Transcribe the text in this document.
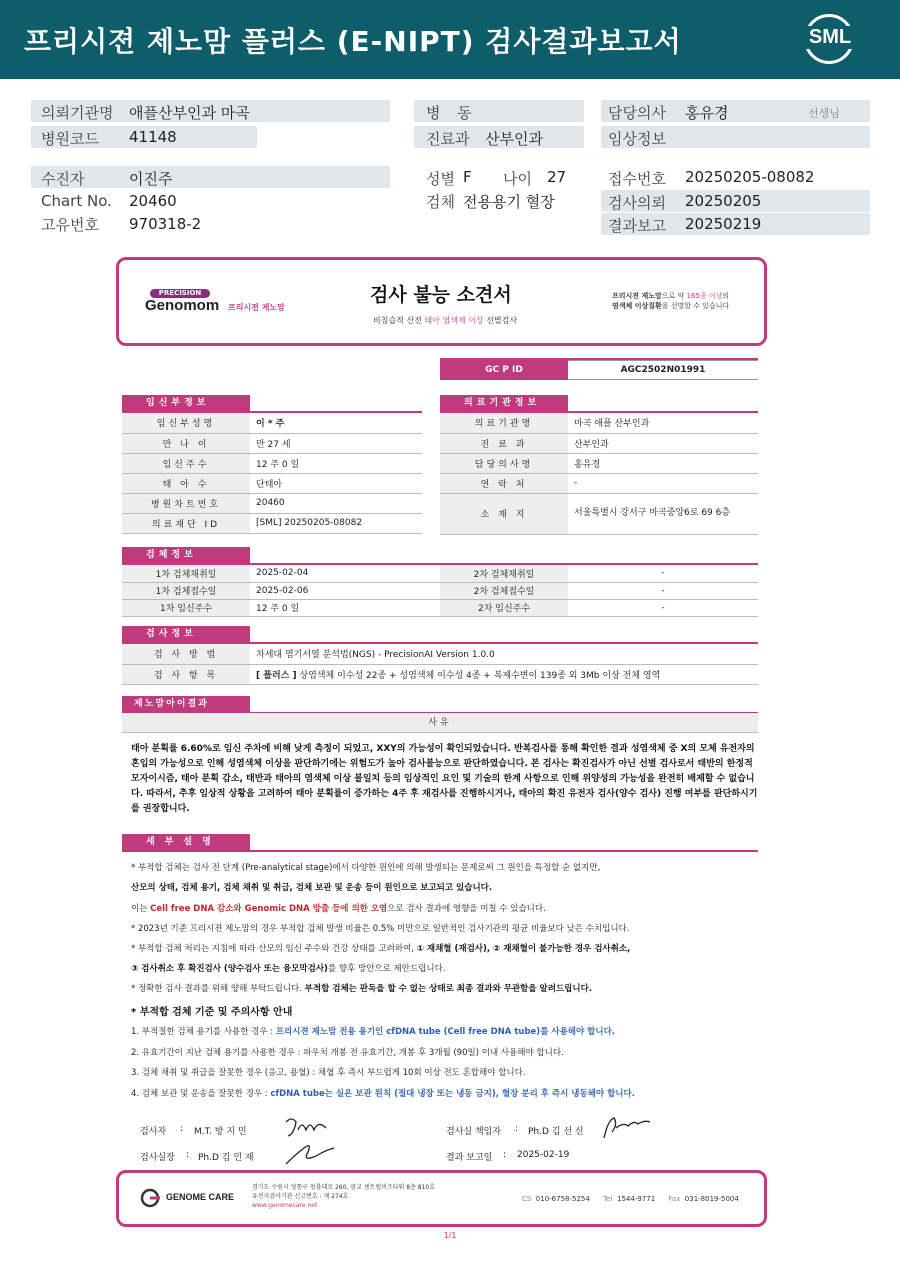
프리시젼 제노맘 플러스 (E-NIPT) 검사결과보고서	SML
의뢰기관명 애플산부인과 마곡
병원코드 41148
병 동
진료과 산부인과
담당의사 홍유경	선생님
임상정보
수진자	이진주
Chart No. 20460
고유번호 970318-2
성별 F 나이 27
검체 전용용기 혈장
접수번호 20250205-08082
검사의뢰 20250205
결과보고 20250219
PRECISION
Genomom 프리시젼 제노맘
검사 불능 소견서
비침습적 산전 태아 염색체 이상 선별검사
프리시젼 제노맘으로 약 165종 이상의
염색체 이상질환을 선별할 수 있습니다
GC P ID	AGC2502N01991
임신부정보
임신부성명	이 * 주
만 나 이	만 27 세
임신주수	12 주 0 일
태 아 수	단태아
병원차트번호	20460
의료재단 ID	[SML] 20250205-08082
의료기관정보
의료기관명	마곡 애플 산부인과
진 료 과	산부인과
담당의사명	홍유경
연 락 처	-
소 재 지	서울특별시 강서구 마곡중앙6로 69 6층
검체정보
1차 검체채취일	2025-02-04	2차 검체채취일	-
1차 검체접수일	2025-02-06	2차 검체접수일	-
1차 임신주수	12 주 0 일	2차 임신주수	-
검사정보
검 사 방 법	차세대 염기서열 분석법(NGS) - PrecisionAI Version 1.0.0
검 사 항 목	[ 플러스 ] 상염색체 이수성 22종 + 성염색체 이수성 4종 + 복제수변이 139종 외 3Mb 이상 전체 영역
제노맘아이결과
사유
태아 분획률 6.60%로 임신 주차에 비해 낮게 측정이 되었고, XXY의 가능성이 확인되었습니다. 반복검사를 통해 확인한 결과 성염색체 중 X의 모체 유전자의 혼입의 가능성으로 인해 성염색체 이상을 판단하기에는 위험도가 높아 검사불능으로 판단하였습니다. 본 검사는 확진검사가 아닌 선별 검사로서 태반의 한정적 모자이시즘, 태아 분획 감소, 태반과 태아의 염색체 이상 불일치 등의 임상적인 요인 및 기술의 한계 사항으로 인해 위양성의 가능성을 완전히 배제할 수 없습니다. 따라서, 추후 임상적 상황을 고려하여 태아 분획률이 증가하는 4주 후 재검사를 진행하시거나, 태아의 확진 유전자 검사(양수 검사) 진행 여부를 판단하시기를 권장합니다.
세부설명
* 부적합 검체는 검사 전 단계 (Pre-analytical stage)에서 다양한 원인에 의해 발생되는 문제로써 그 원인을 특정할 순 없지만,
산모의 상태, 검체 용기, 검체 채취 및 취급, 검체 보관 및 운송 등이 원인으로 보고되고 있습니다.
이는 Cell free DNA 감소와 Genomic DNA 방출 등에 의한 오염으로 검사 결과에 영향을 미칠 수 있습니다.
* 2023년 기준 프리시젼 제노맘의 경우 부적합 검체 발생 비율은 0.5% 미만으로 일반적인 검사기관의 평균 비율보다 낮은 수치입니다.
* 부적합 검체 처리는 지침에 따라 산모의 임신 주수와 건강 상태를 고려하여, ① 재채혈 (재검사), ② 재채혈이 불가능한 경우 검사취소,
③ 검사취소 후 확진검사 (양수검사 또는 융모막검사)를 향후 방안으로 제안드립니다.
* 정확한 검사 결과를 위해 양해 부탁드립니다. 부적합 검체는 판독을 할 수 없는 상태로 최종 결과와 무관함을 알려드립니다.
* 부적합 검체 기준 및 주의사항 안내
1. 부적절한 검체 용기를 사용한 경우 : 프리시젼 제노맘 전용 용기인 cfDNA tube (Cell free DNA tube)를 사용해야 합니다.
2. 유효기간이 지난 검체 용기를 사용한 경우 : 파우치 개봉 전 유효기간, 개봉 후 3개월 (90일) 이내 사용해야 합니다.
3. 검체 채취 및 취급을 잘못한 경우 (응고, 용혈) : 채혈 후 즉시 부드럽게 10회 이상 전도 혼합해야 합니다.
4. 검체 보관 및 운송을 잘못한 경우 : cfDNA tube는 실온 보관 원칙 (절대 냉장 또는 냉동 금지), 혈장 분리 후 즉시 냉동해야 합니다.
검사자 : M.T. 방 지 민	검사실 책임자 : Ph.D 김 선 신
검사실장 : Ph.D 김 민 재	결과 보고일 : 2025-02-19
GENOME CARE
경기도 수원시 영통구 창룡대로 260, 광교 센트럴비즈타워 8층 810호
유전자검사기관 신고번호 : 제 274호
www.genomecare.net
CS 010-6758-5254 Tel 1544-9771 Fax 031-8019-5004
1/1
